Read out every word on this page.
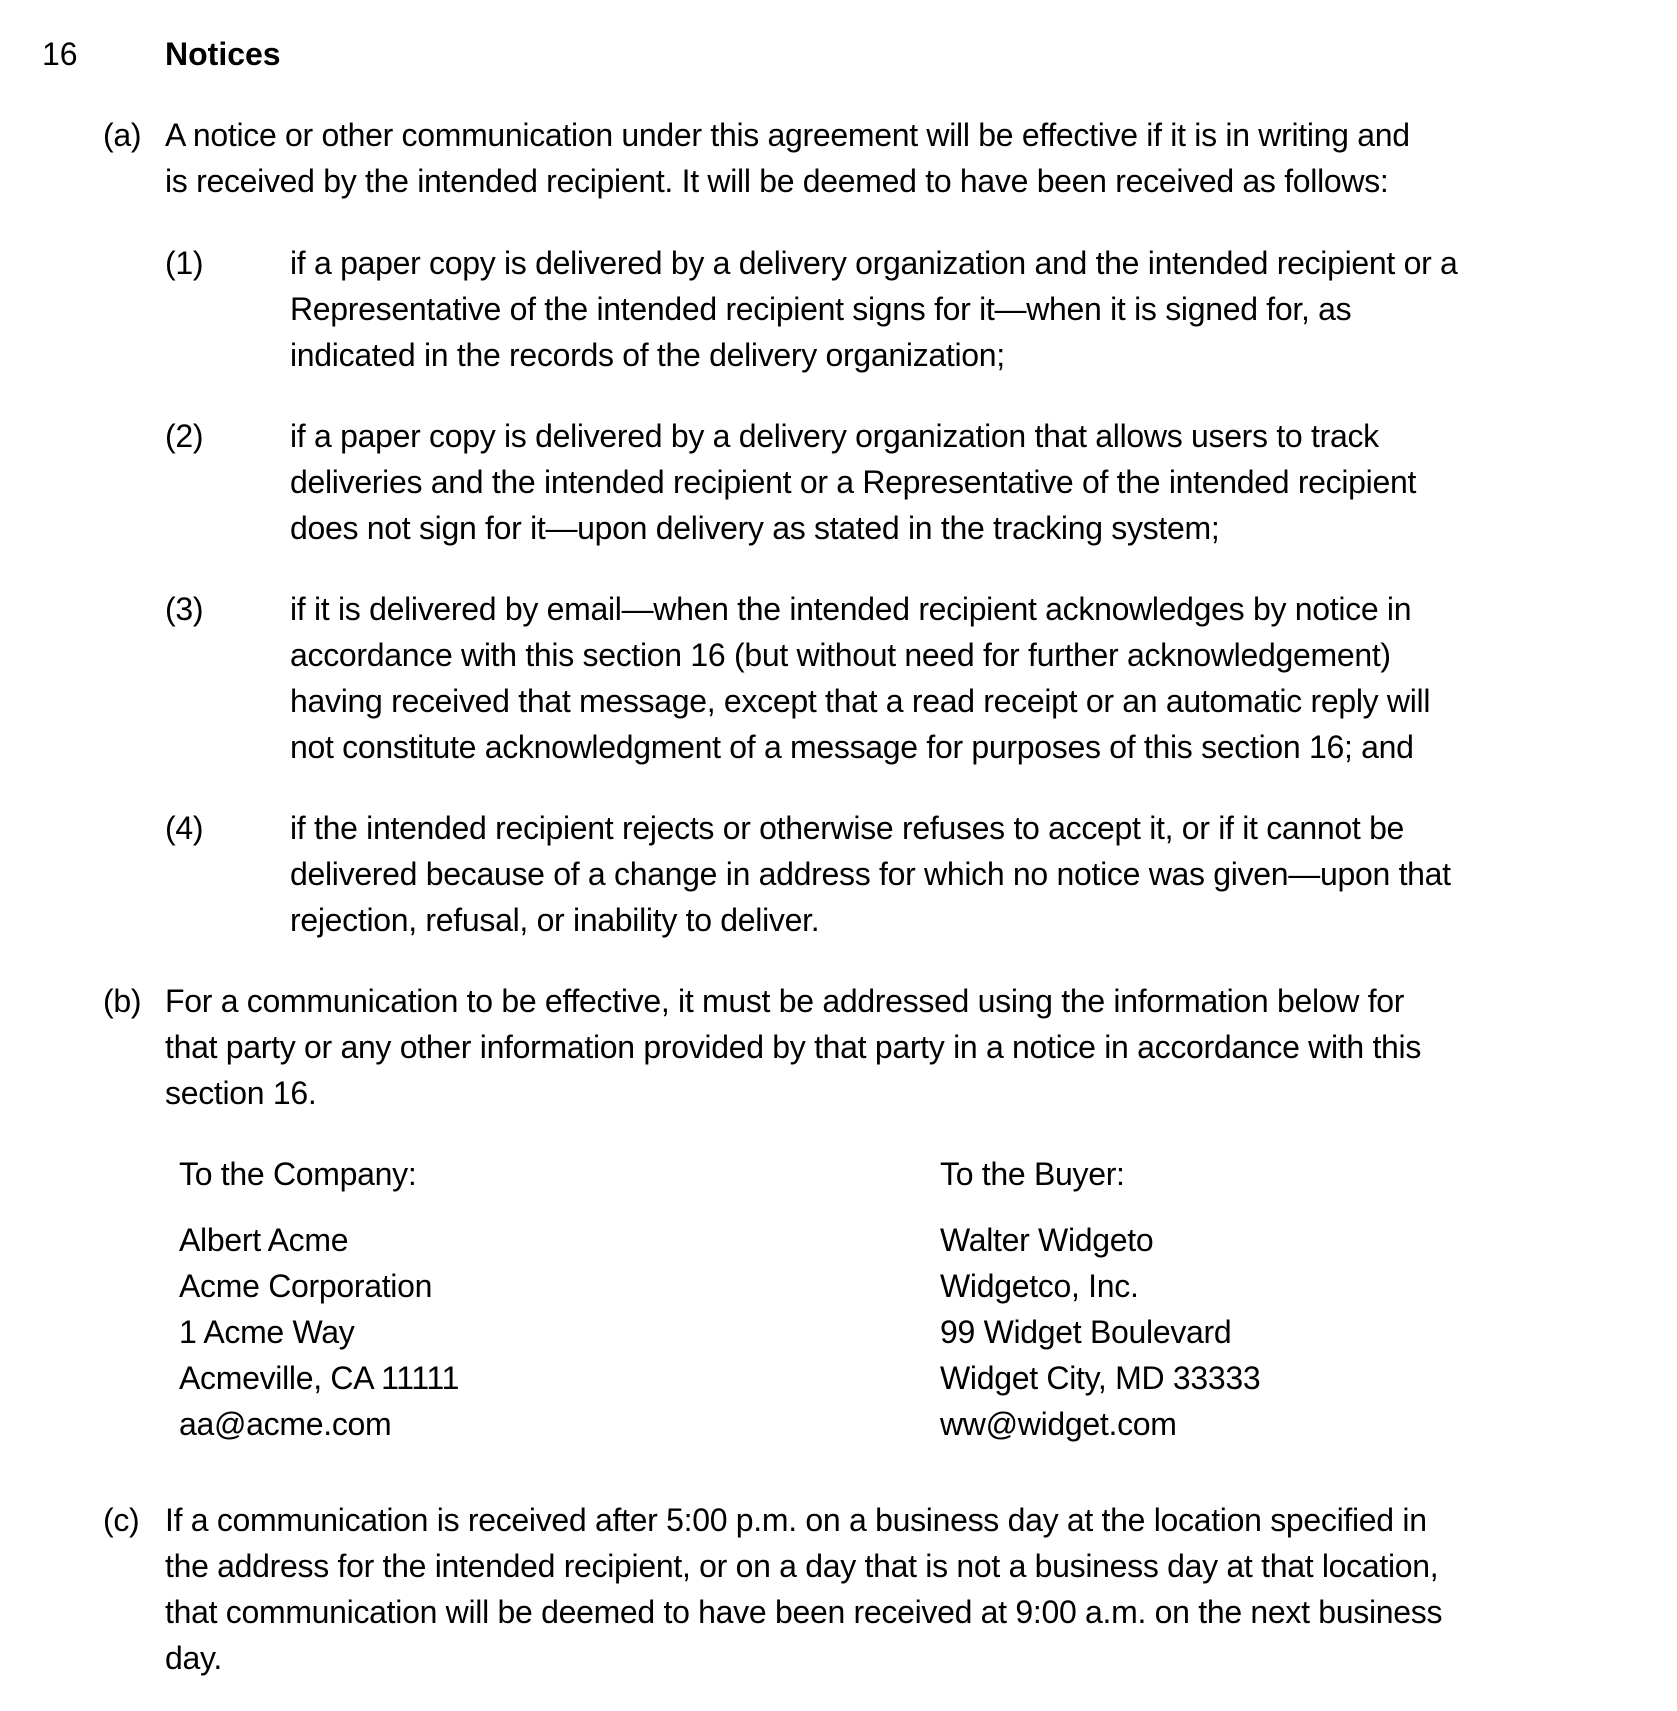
16	Notices
(a) A notice or other communication under this agreement will be effective if it is in writing and
is received by the intended recipient. It will be deemed to have been received as follows:
(1)	if a paper copy is delivered by a delivery organization and the intended recipient or a
Representative of the intended recipient signs for it—when it is signed for, as
indicated in the records of the delivery organization;
(2)	if a paper copy is delivered by a delivery organization that allows users to track
deliveries and the intended recipient or a Representative of the intended recipient
does not sign for it—upon delivery as stated in the tracking system;
(3)	if it is delivered by email—when the intended recipient acknowledges by notice in
accordance with this section 16 (but without need for further acknowledgement)
having received that message, except that a read receipt or an automatic reply will
not constitute acknowledgment of a message for purposes of this section 16; and
(4)	if the intended recipient rejects or otherwise refuses to accept it, or if it cannot be
delivered because of a change in address for which no notice was given—upon that
rejection, refusal, or inability to deliver.
(b) For a communication to be effective, it must be addressed using the information below for
that party or any other information provided by that party in a notice in accordance with this
section 16.
To the Company:
Albert Acme
Acme Corporation
1 Acme Way
Acmeville, CA 11111
aa@acme.com
To the Buyer:
Walter Widgeto
Widgetco, Inc.
99 Widget Boulevard
Widget City, MD 33333
ww@widget.com
(c) If a communication is received after 5:00 p.m. on a business day at the location specified in
the address for the intended recipient, or on a day that is not a business day at that location,
that communication will be deemed to have been received at 9:00 a.m. on the next business
day.
